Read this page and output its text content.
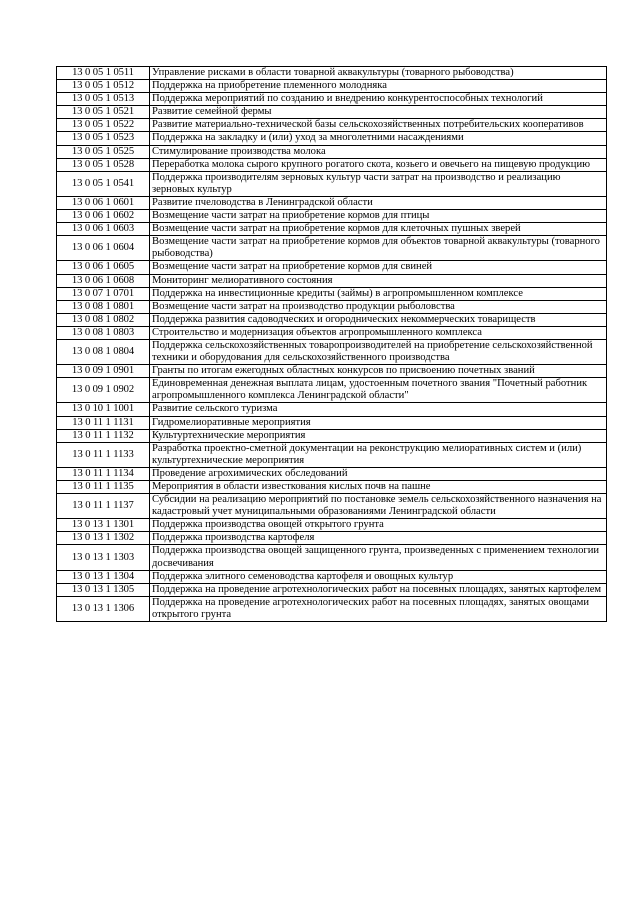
13 0 05 1 0511	Управление рисками в области товарной аквакультуры (товарного рыбоводства)
13 0 05 1 0512	Поддержка на приобретение племенного молодняка
13 0 05 1 0513	Поддержка мероприятий по созданию и внедрению конкурентоспособных технологий
13 0 05 1 0521	Развитие семейной фермы
13 0 05 1 0522	Развитие материально-технической базы сельскохозяйственных потребительских кооперативов
13 0 05 1 0523	Поддержка на закладку и (или) уход за многолетними насаждениями
13 0 05 1 0525	Стимулирование производства молока
13 0 05 1 0528	Переработка молока сырого крупного рогатого скота, козьего и овечьего на пищевую продукцию
13 0 05 1 0541	Поддержка производителям зерновых культур части затрат на производство и реализацию зерновых культур
13 0 06 1 0601	Развитие пчеловодства в Ленинградской области
13 0 06 1 0602	Возмещение части затрат на приобретение кормов для птицы
13 0 06 1 0603	Возмещение части затрат на приобретение кормов для клеточных пушных зверей
13 0 06 1 0604	Возмещение части затрат на приобретение кормов для объектов товарной аквакультуры (товарного рыбоводства)
13 0 06 1 0605	Возмещение части затрат на приобретение кормов для свиней
13 0 06 1 0608	Мониторинг мелиоративного состояния
13 0 07 1 0701	Поддержка на инвестиционные кредиты (займы) в агропромышленном комплексе
13 0 08 1 0801	Возмещение части затрат на производство продукции рыболовства
13 0 08 1 0802	Поддержка развития садоводческих и огороднических некоммерческих товариществ
13 0 08 1 0803	Строительство и модернизация объектов агропромышленного комплекса
13 0 08 1 0804	Поддержка сельскохозяйственных товаропроизводителей на приобретение сельскохозяйственной техники и оборудования для сельскохозяйственного производства
13 0 09 1 0901	Гранты по итогам ежегодных областных конкурсов по присвоению почетных званий
13 0 09 1 0902	Единовременная денежная выплата лицам, удостоенным почетного звания "Почетный работник агропромышленного комплекса Ленинградской области"
13 0 10 1 1001	Развитие сельского туризма
13 0 11 1 1131	Гидромелиоративные мероприятия
13 0 11 1 1132	Культуртехнические мероприятия
13 0 11 1 1133	Разработка проектно-сметной документации на реконструкцию мелиоративных систем и (или) культуртехнические мероприятия
13 0 11 1 1134	Проведение агрохимических обследований
13 0 11 1 1135	Мероприятия в области известкования кислых почв на пашне
13 0 11 1 1137	Субсидии на реализацию мероприятий по постановке земель сельскохозяйственного назначения на кадастровый учет муниципальными образованиями Ленинградской области
13 0 13 1 1301	Поддержка производства овощей открытого грунта
13 0 13 1 1302	Поддержка производства картофеля
13 0 13 1 1303	Поддержка производства овощей защищенного грунта, произведенных с применением технологии досвечивания
13 0 13 1 1304	Поддержка элитного семеноводства картофеля и овощных культур
13 0 13 1 1305	Поддержка на проведение агротехнологических работ на посевных площадях, занятых картофелем
13 0 13 1 1306	Поддержка на проведение агротехнологических работ на посевных площадях, занятых овощами открытого грунта
